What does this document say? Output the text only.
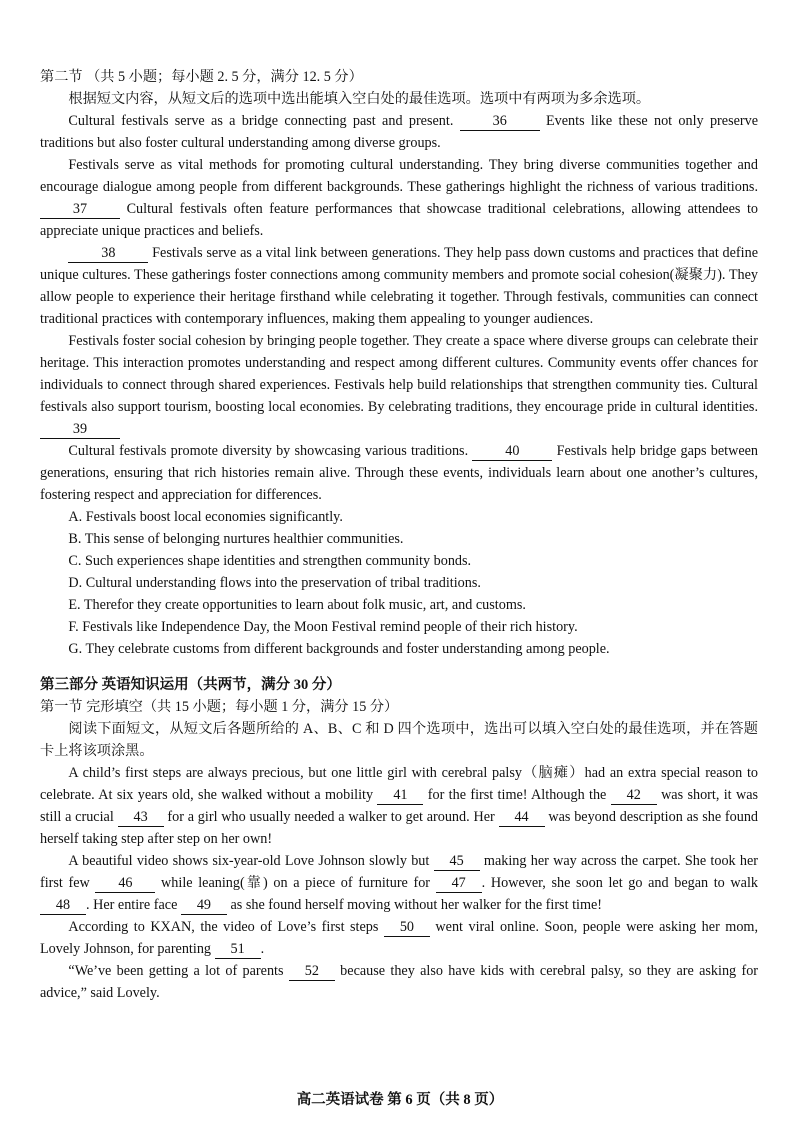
第二节 （共 5 小题；每小题 2. 5 分，满分 12. 5 分）

根据短文内容，从短文后的选项中选出能填入空白处的最佳选项。选项中有两项为多余选项。

Cultural festivals serve as a bridge connecting past and present.	36	Events like these not only preserve traditions but also foster cultural understanding among diverse groups.

Festivals serve as vital methods for promoting cultural understanding. They bring diverse communities together and encourage dialogue among people from different backgrounds. These gatherings highlight the richness of various traditions. 37	Cultural festivals often feature performances that showcase traditional celebrations, allowing attendees to appreciate unique practices and beliefs.

38	Festivals serve as a vital link between generations. They help pass down customs and practices that define unique cultures. These gatherings foster connections among community members and promote social cohesion(凝聚力). They allow people to experience their heritage firsthand while celebrating it together. Through festivals, communities can connect traditional practices with contemporary influences, making them appealing to younger audiences.

Festivals foster social cohesion by bringing people together. They create a space where diverse groups can celebrate their heritage. This interaction promotes understanding and respect among different cultures. Community events offer chances for individuals to connect through shared experiences. Festivals help build relationships that strengthen community ties. Cultural festivals also support tourism, boosting local economies. By celebrating traditions, they encourage pride in cultural identities. 39

Cultural festivals promote diversity by showcasing various traditions.	40	Festivals help bridge gaps between generations, ensuring that rich histories remain alive. Through these events, individuals learn about one another’s cultures, fostering respect and appreciation for differences.

A. Festivals boost local economies significantly.
B. This sense of belonging nurtures healthier communities.
C. Such experiences shape identities and strengthen community bonds.
D. Cultural understanding flows into the preservation of tribal traditions.
E. Therefor they create opportunities to learn about folk music, art, and customs.
F. Festivals like Independence Day, the Moon Festival remind people of their rich history.
G. They celebrate customs from different backgrounds and foster understanding among people.
第三部分 英语知识运用（共两节，满分 30 分）
第一节 完形填空（共 15 小题；每小题 1 分，满分 15 分）

阅读下面短文，从短文后各题所给的 A、B、C 和 D 四个选项中，选出可以填入空白处的最佳选项，并在答题卡上将该项涂黑。

A child’s first steps are always precious, but one little girl with cerebral palsy（脑瘫）had an extra special reason to celebrate. At six years old, she walked without a mobility 41 for the first time! Although the 42 was short, it was still a crucial 43 for a girl who usually needed a walker to get around. Her 44 was beyond description as she found herself taking step after step on her own!

A beautiful video shows six-year-old Love Johnson slowly but 45 making her way across the carpet. She took her first few 46 while leaning(靠) on a piece of furniture for 47 . However, she soon let go and began to walk 48 . Her entire face 49 as she found herself moving without her walker for the first time!

According to KXAN, the video of Love’s first steps 50 went viral online. Soon, people were asking her mom, Lovely Johnson, for parenting 51 .

“We’ve been getting a lot of parents 52 because they also have kids with cerebral palsy, so they are asking for advice,” said Lovely.

高二英语试卷 第 6 页（共 8 页）
